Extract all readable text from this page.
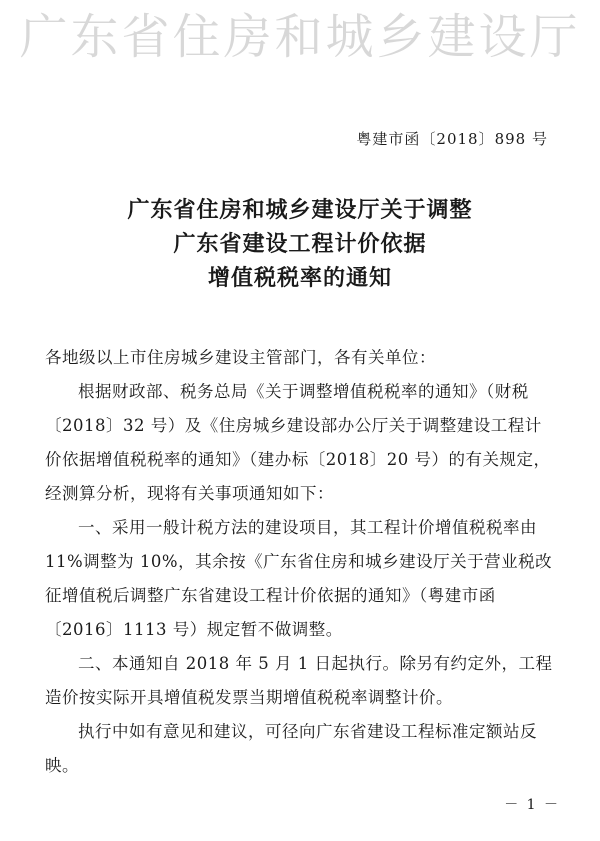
广东省住房和城乡建设厅
粤建市函〔2018〕898 号
广东省住房和城乡建设厅关于调整
广东省建设工程计价依据
增值税税率的通知

各地级以上市住房城乡建设主管部门，各有关单位：

根据财政部、税务总局《关于调整增值税税率的通知》（财税〔2018〕32 号）及《住房城乡建设部办公厅关于调整建设工程计价依据增值税税率的通知》（建办标〔2018〕20 号）的有关规定，经测算分析，现将有关事项通知如下：

一、采用一般计税方法的建设项目，其工程计价增值税税率由 11%调整为 10%，其余按《广东省住房和城乡建设厅关于营业税改征增值税后调整广东省建设工程计价依据的通知》（粤建市函〔2016〕1113 号）规定暂不做调整。

二、本通知自 2018 年 5 月 1 日起执行。除另有约定外，工程造价按实际开具增值税发票当期增值税税率调整计价。

执行中如有意见和建议，可径向广东省建设工程标准定额站反映。

－ 1 －
